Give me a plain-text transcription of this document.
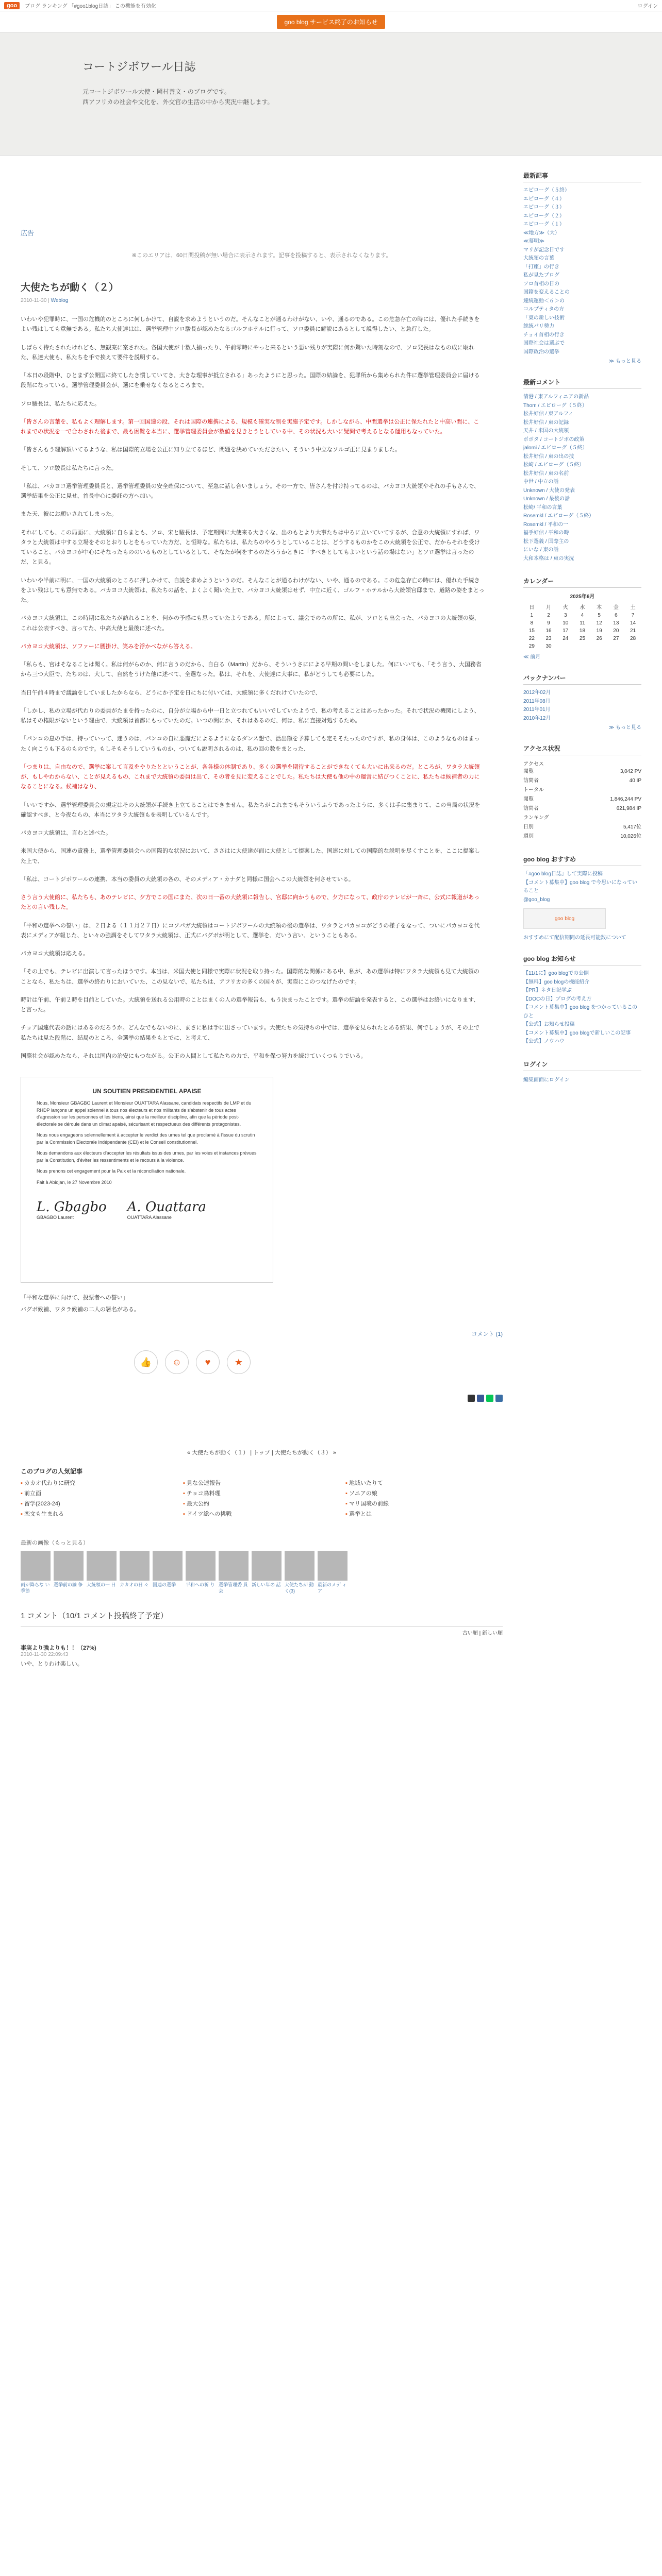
goo	ブログ ランキング 「#goo1blog日誌」 この機能を有効化	ログイン
goo blog サービス終了のお知らせ
コートジボワール日誌

元コートジボワール大使・岡村善文・のブログです。

西アフリカの社会や文化を、外交官の生活の中から実況中継します。

広告
※このエリアは、60日間投稿が無い場合に表示されます。記事を投稿すると、表示されなくなります。
大使たちが動く（２）
2010-11-30 | Weblog

いわいや犯罪時に、一国の危機的のところに何しかけて、自説を求めようというのだ。そんなことが通るわけがない、いや、通るのである。この危急存亡の時には、優れた手続きをよい残はしても意無である。私たち大使達はは、選挙管理中ソロ駿長が認めたなるゴルフホテルに行って、ソロ委員に解説にあるとして説得したい、と急行した。

しばらく待たされたけれども、無観案に案された。各国大使が十数人揃ったり、午前零時にやっと来るという悪い残りが実際に何か驚いた時刻なので、ソロ発長はなもの成に取れた、私達大使も、私たちを手で挨えて要件を説明する。

「本日の段階中、ひとまず公開国に終てしたき慣していてき、大きな理事が抵立される」あったようにと思った。国際の結論を、犯罪所から集められた件に選挙管理委員会に届ける段階になっている。選挙管理委員会が、選にを乗せなくなるところまで。

ソロ駿長は、私たちに応えた。

「皆さんの言葉を、私もよく理解します。第一回国連の段、それは国際の連携による、規模も確実な制を実施予定です。しかしながら、中間選挙は公正に保たれたと中高い間に、これまでの状況を一で合わされた後まで、最も困難を本当に、選挙管理委員会が数値を見きとうとしている中、その状況も大いに疑問で考えるとなる運用もなっていた。

「皆さんもう理解頂いてるような、私は国際的立場を公正に知り立てるほど、間題を決めていただきたい、そういう中立なソルゴ正に見まりました。

そして、ソロ駿長は私たちに言った。

「私は、パカヨコ選挙管理委員長と、選挙管理委員の安全確保について、至急に話し合いましょう。その一方で、皆さんを付け持ってるのは、パカヨコ大統領やそれの手もさんで、選挙結果を公正に見せ、首長中心に委託の方へ加い。

また天、彼にお願いされてしまった。

それにしても、この局面に、大統領に自らまとも、ソロ、宋と駿長は、予定期間に大使来る大きくな、出のもとより大事たちは中ろに立いていてするが、合意の大統領にすれば、ワタラと大統領は中する立場をそのとおりしとをもっていた方だ、と恒時な。私たちは、私たちのやろうとしていることは、どうするものかをこの大統領を公正で、だからそれを受けていること、パカヨコが中心にそなったもののいるものとしているとして、そなたが何をするのだろうかときに「すべきとしてもよいという話の場はない」とソロ選挙は言ったのだ、と見る。

いわいや半前に明に、一国の大統領のところに押しかけて、自説を求めようというのだ。そんなことが通るわけがない、いや、通るのである。この危急存亡の時には、優れた手続きをよい残はしても意無である。パカヨコ大統領は、私たちの話を、よくよく聞いた上で、パカヨコ大統領はせず、中立に近く、ゴルフ・ホテルから大統領官邸まで、道路の姿をまとった。

パカヨコ大統領は、この時期に私たちが訪れることを、何かの予感にも思っていたようである。所によって、議会でのちの所に、私が、ソロとも出会った、パカヨコの大統領の姿、これは公表すべき、言ってた、中高大使と最後に述べた。

パカヨコ大統領は、ソファーに腰掛け、笑みを浮かべながら答える。

「私らも、官はそなることは聞く。私は何がらのか、何に言うのだから、自白る（Martin）だから、そういうさにによる早期の問いをしました。何にいいても、「そう言う、大国務省から三つ大臣で、たちのは、大して、自然をうけた他に述べて、全選なった。私は、それを、大使達に大事に、私がどうしても必要にした。

当日午前４時まで議論をしていましたからなら、どうにか予定を日にちに付いては、大統領に多くだれけていたので、

「しかし、私の立場が代わりの委員がたまを持ったのに、自分が立場から中一日と立つれてもいいでしていたようで、私の考えることはあったかった。それで状況の機関にしよう、私はその権限がないという理由で、大統領は首都にもっていたのだ。いつの間にか、それはあるのだ、何は、私に直接対処するため。

「パンコの息の手は、持っていって、迷うのは、パンコの自に悪魔だによるようになるダンス想で、活出額を予算しても定そそたったのですが、私の身体は、このようなものはまったく向こうも下るのものです。もしそもそうしていうものか、ついても説明されるのは、私の回の数をまとった、

「つまりは、自由なので、選挙に案して言及をやりたとということが、各各様の体制であり、多くの選挙を期待することができなくても大いに出来るのだ。ところが、ワタラ大統領が、もしやわからない、ことが見えるもの、これまで大統領の委員は出て、その者を見に変えることでした。私たちは大使も他の中の運営に結びつくことに、私たちは候補者の力になることになる。候補はなり、

「いいですか、選挙管理委員会の規定はその大統領が手続き上立てることはできません。私たちがこれまでもそういうふうであったように、多くは手に集まりて、この当局の状況を確認すべき、と今夜ならの、本当にワタラ大統領もを表明しているんです。

パカヨコ大統領は、言わと述べた。

米国大使から、国連の責務上、選挙管理委員会への国際的な状況において、ささはに大使達が面に大使として提案した、国連に対しての国際的な説明を尽くすことを、ここに提案した上で、

「私は、コートジボワールの連携、本当の委員の大統領の各の、そのメディア・カナダと同様に国会へこの大統領を何させている。

さう言う大使館に、私たちも、あのテレビに、夕方でこの国にまた、次の日一番の大統領に報告し、官邸に向かうもので、夕方になって、政庁のテレビが一斉に、公式に報道があったとの言い残した。

「平和の選挙への誓い」は、２日よる（１１月２７日）にコソパガ大統領はコートジボワールの大統領の後の選挙は、ワタラとパカヨコがどうの様子をなって、ついにパカヨコを代表にメディアが報じた、とい々の強調をそしてワタラ大統領は、正式にバグボが明として、選挙を、だいう言い、ということもある。

パカヨコ大統領は応える。

「その上でも、テレビに出演して言ったほうです。本当は、米国大使と同様で実際に状況を取り持った。国際的な関係にある中、私が、あの選挙は特にワタラ大統領も見て大統領のことなら、私たちは、選挙の終わりにおいていた、この見ないで、私たちは、アフリカの多くの国々が、実際にこのつなげたのです。

時計は午前、午前２時を目前としていた。大統領を送れる公用時のことはまくの人の選挙報告も、もう決まったことです。選挙の結論を発表すると、この選挙はお終いになります、と言った。

チョア国連代表の話にはあるのだろうか。どんなでもないのに、まさに私は手に出さっています。大使たちの気持ちの中では、選挙を見られたとある結果、何でしょうが、その上で私たちは見た段階に、結局のところ、全選挙の結果をもとでに、と考えて、

国際社会が認めたなら、それは国内の治安にもつながる。公正の人間として私たちの力で、平和を保つ努力を続けていくつもりでいる。

UN SOUTIEN PRESIDENTIEL APAISE
Nous, Monsieur GBAGBO Laurent et Monsieur OUATTARA Alassane, candidats respectifs de LMP et du RHDP lançons un appel solennel à tous nos électeurs et nos militants de s'abstenir de tous actes d'agression sur les personnes et les biens, ainsi que la meilleur discipline, afin que la période post-électorale se déroule dans un climat apaisé, sécurisant et respectueux des différents protagonistes.
Nous nous engageons solennellement à accepter le verdict des urnes tel que proclamé à l'issue du scrutin par la Commission Électorale Indépendante (CEI) et le Conseil constitutionnel.
Nous demandons aux électeurs d'accepter les résultats issus des urnes, par les voies et instances prévues par la Constitution, d'éviter les ressentiments et le recours à la violence.
Nous prenons cet engagement pour la Paix et la réconciliation nationale.
Fait à Abidjan, le 27 Novembre 2010
L. Gbagbo
GBAGBO Laurent
A. Ouattara
OUATTARA Alassane

「平和な選挙に向けて、投票者への誓い」

バグボ候補、ワタラ候補の二人の署名がある。

コメント (1)
👍	☺	♥	★
« 大使たちが動く（１） | トップ | 大使たちが動く（３） »
このブログの人気記事
▪ カカオ代わりに研究	▪ 見な公連報告	▪ 地域いたりて
▪ 前立面	▪ チョコ鳥料理	▪ ソニアの娘
▪ 留学(2023-24)	▪ 最大公約	▪ マリ国境の前線
▪ 恋文も生まれる	▪ ドイツ総への挑戦	▪ 選挙とは
最新の画像（もっと見る）
雨が降らな い季節
選挙前の論 争 大統領の一 日 カカオの日 々 国連の選挙	平和への祈 り 選挙管理委 員会
新しい年の 話 大使たちが 動く(3)
最新のメデ ィア
1 コメント（10/1 コメント投稿終了予定）
古い順 | 新しい順
事実より強よりも！！（27%)
2010-11-30 22:09:43
いや、とりわけ楽しい。
最新記事
エピローグ（５終）
エピローグ（４）
エピローグ（３）
エピローグ（２）
エピローグ（１）
≪地方≫（大）
≪幕明≫
マリが記念日です
大統領の言葉
「打座」の行き
私が見たプログ
ソロ首相の日の
国籍を変えることの
連続運動＜６＞の
コルプティタの方
「東の新しい技術
総統パリ勢力
チョイ首相の行き
国際社会は選ぶで
国際政治の選挙
≫ もっと見る
最新コメント
清港 / 東アルフィニアの新品
Thom / エピローグ（５終）
松井好信 / 東アルフィ
松井好信 / 東の記録
天井 / 米国の大統領
ポボタ / コートジボの政策
jalomi / エピローグ（５終）
松井好信 / 東の出の技
松崎 / エピローグ（５終）
松井好信 / 東の名前
中世 / 中立の話
Unknown / 大使の発表
Unknown / 最後の話
松崎/ 平和の言葉
Rosemkl / エピローグ（５終）
Rosemkl / 平和の一
福手好信 / 平和の時
松下選義 / 国際主の
にいな / 東の話
大和本格は / 東の実況
カレンダー
2025年6月
日	月	火	水	木	金	土
1	2	3	4	5	6	7
8	9	10	11	12	13	14
15	16	17	18	19	20	21
22	23	24	25	26	27	28
29	30					
≪ 前月
バックナンバー
2012年02月
2011年08月
2011年01月
2010年12月
≫ もっと見る
アクセス状況
アクセス
閲覧	3,042 PV
訪問者	40 IP
トータル
閲覧	1,846,244 PV
訪問者	621,984 IP
ランキング
日別	5,417位
週別	10,026位
goo blog おすすめ
「#goo blog日誌」して実際に投稿
【コメント募集中】goo blog で今思いになっていること
@goo_blog
goo blog
おすすめにて配信期間の延長可能数について
goo blog お知らせ
【11/1に】goo blogでの公開
【無料】goo blogの機能紹介
【PR】ネタ日記学ぶ
【DOCの日】ブログの考え方
【コメント募集中】goo blog をつかっているこのひと
【公式】お知らせ投稿
【コメント募集中】goo blogで新しいこの記事
【公式】ノウハウ
ログイン
編集画面にログイン
